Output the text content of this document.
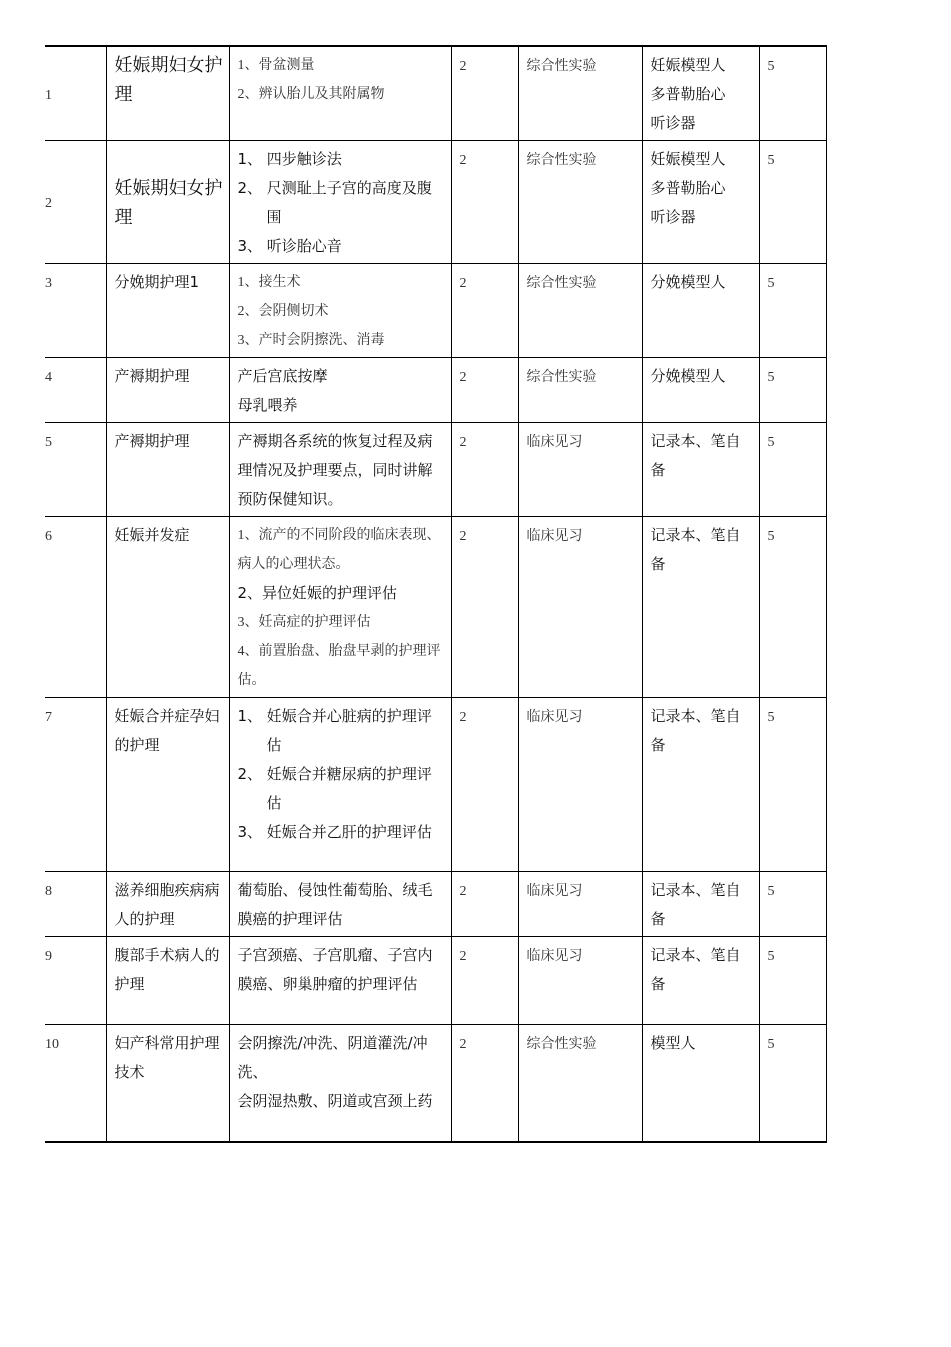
1	妊娠期妇女护理	1、骨盆测量
2、辨认胎儿及其附属物	2	综合性实验	妊娠模型人
多普勒胎心
听诊器	5
2	妊娠期妇女护理	1、 四步触诊法
2、 尺测耻上子宫的高度及腹围
3、 听诊胎心音	2	综合性实验	妊娠模型人
多普勒胎心
听诊器	5
3	分娩期护理1	1、接生术
2、会阴侧切术
3、产时会阴擦洗、消毒	2	综合性实验	分娩模型人	5
4	产褥期护理	产后宫底按摩
母乳喂养	2	综合性实验	分娩模型人	5
5	产褥期护理	产褥期各系统的恢复过程及病理情况及护理要点，同时讲解预防保健知识。	2	临床见习	记录本、笔自备	5
6	妊娠并发症	1、流产的不同阶段的临床表现、病人的心理状态。
2、异位妊娠的护理评估
3、妊高症的护理评估
4、前置胎盘、胎盘早剥的护理评估。	2	临床见习	记录本、笔自备	5
7	妊娠合并症孕妇的护理	1、 妊娠合并心脏病的护理评估
2、 妊娠合并糖尿病的护理评估
3、 妊娠合并乙肝的护理评估	2	临床见习	记录本、笔自备	5
8	滋养细胞疾病病人的护理	葡萄胎、侵蚀性葡萄胎、绒毛膜癌的护理评估	2	临床见习	记录本、笔自备	5
9	腹部手术病人的护理	子宫颈癌、子宫肌瘤、子宫内膜癌、卵巢肿瘤的护理评估	2	临床见习	记录本、笔自备	5
10	妇产科常用护理技术	会阴擦洗/冲洗、阴道灌洗/冲洗、
会阴湿热敷、阴道或宫颈上药	2	综合性实验	模型人	5
